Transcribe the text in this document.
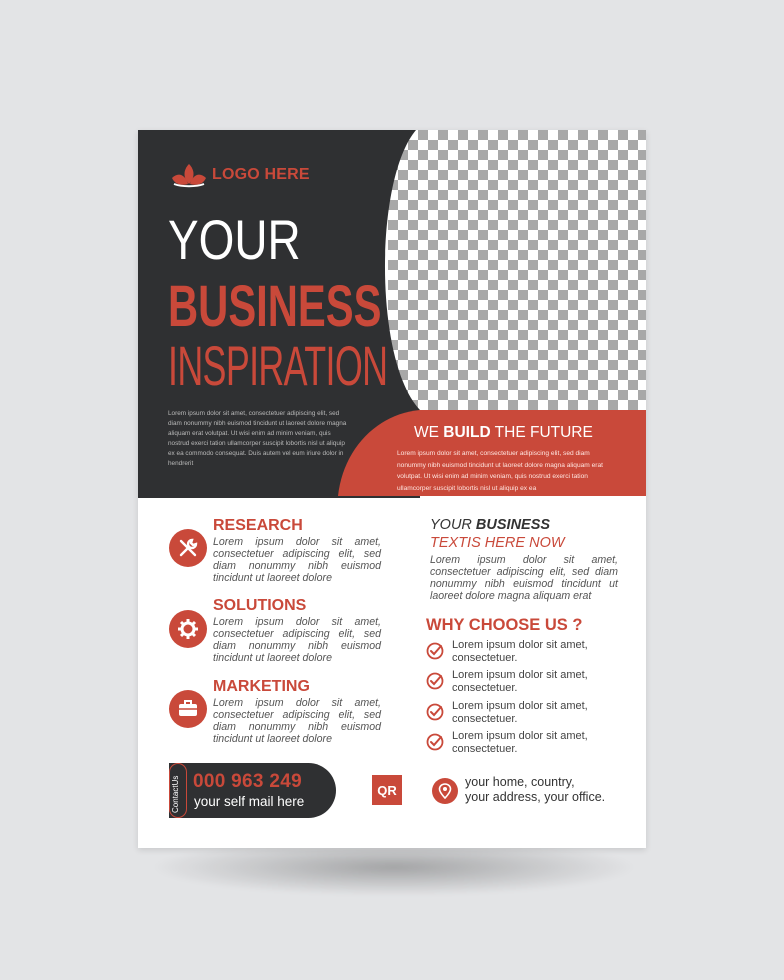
LOGO HERE
YOUR
BUSINESS
INSPIRATION
Lorem ipsum dolor sit amet, consectetuer adipiscing elit, sed diam nonummy nibh euismod tincidunt ut laoreet dolore magna aliquam erat volutpat. Ut wisi enim ad minim veniam, quis nostrud exerci tation ullamcorper suscipit lobortis nisl ut aliquip ex ea commodo consequat. Duis autem vel eum iriure dolor in hendrerit
WE BUILD THE FUTURE
Lorem ipsum dolor sit amet, consectetuer adipiscing elit, sed diam nonummy nibh euismod tincidunt ut laoreet dolore magna aliquam erat volutpat. Ut wisi enim ad minim veniam, quis nostrud exerci tation ullamcorper suscipit lobortis nisl ut aliquip ex ea
RESEARCH
Lorem ipsum dolor sit amet, consectetuer adipiscing elit, sed diam nonummy nibh euismod tincidunt ut laoreet dolore
SOLUTIONS
Lorem ipsum dolor sit amet, consectetuer adipiscing elit, sed diam nonummy nibh euismod tincidunt ut laoreet dolore
MARKETING
Lorem ipsum dolor sit amet, consectetuer adipiscing elit, sed diam nonummy nibh euismod tincidunt ut laoreet dolore
YOUR BUSINESS
TEXTIS HERE NOW
Lorem ipsum dolor sit amet, consectetuer adipiscing elit, sed diam nonummy nibh euismod tincidunt ut laoreet dolore magna aliquam erat
WHY CHOOSE US ?
Lorem ipsum dolor sit amet, consectetuer.
Lorem ipsum dolor sit amet, consectetuer.
Lorem ipsum dolor sit amet, consectetuer.
Lorem ipsum dolor sit amet, consectetuer.
ContactUs 000 963 249
your self mail here
QR
your home, country,
your address, your office.
